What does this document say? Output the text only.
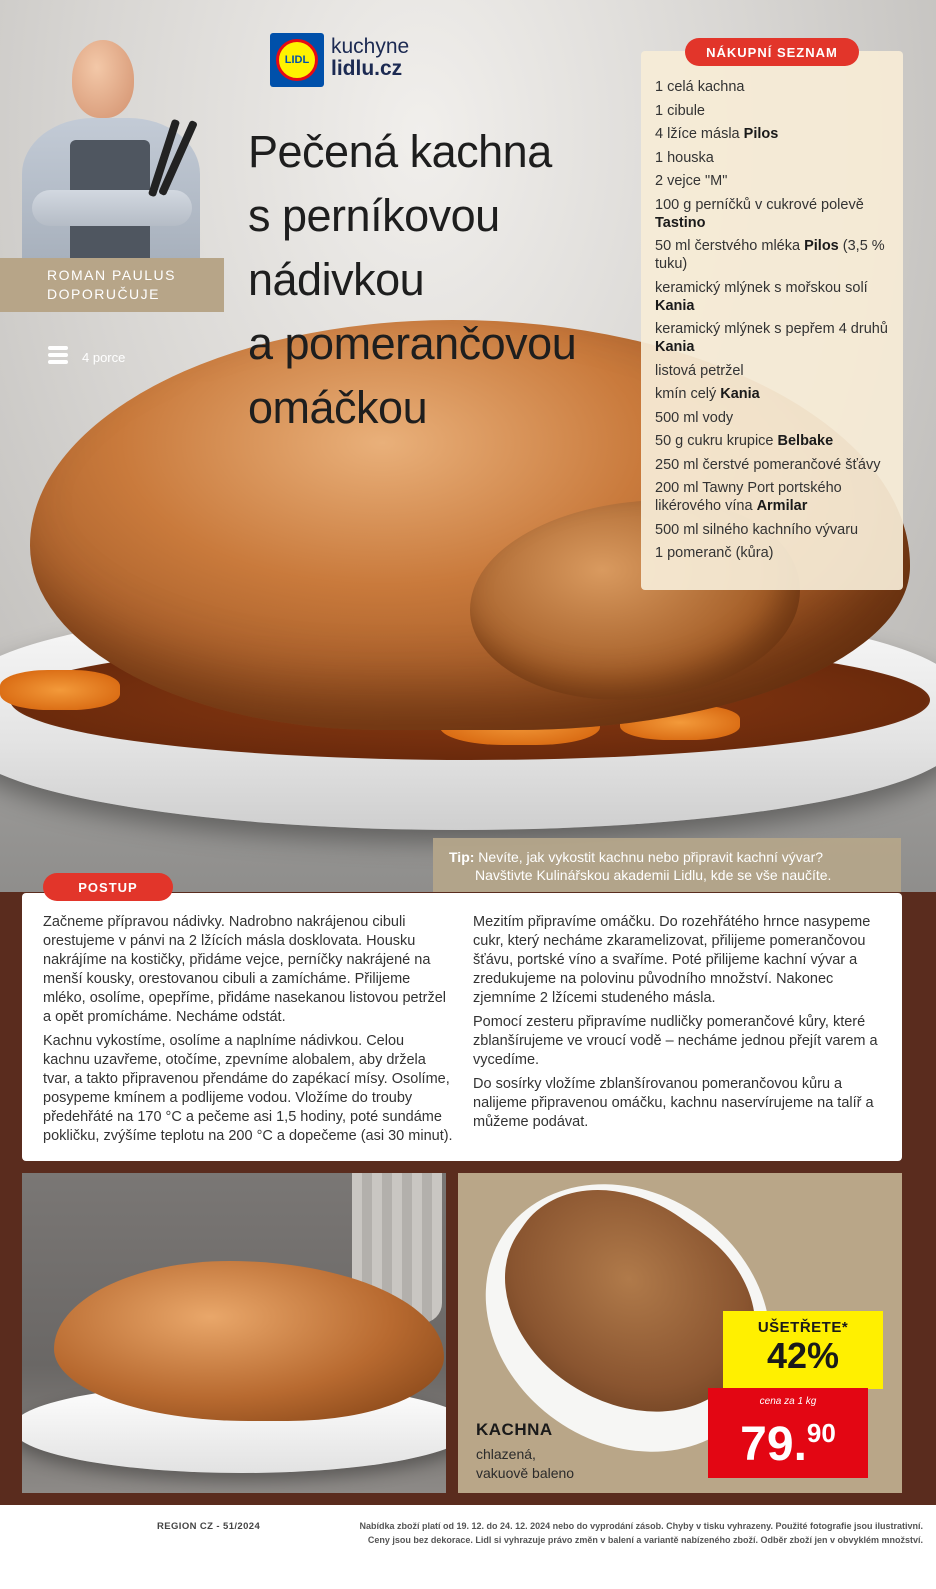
LIDL
kuchyne
lidlu.cz
ROMAN PAULUS
DOPORUČUJE
4 porce
Pečená kachna
s perníkovou
nádivkou
a pomerančovou
omáčkou
1 celá kachna
1 cibule
4 lžíce másla Pilos
1 houska
2 vejce "M"
100 g perníčků v cukrové polevě Tastino
50 ml čerstvého mléka Pilos (3,5 % tuku)
keramický mlýnek s mořskou solí Kania
keramický mlýnek s pepřem 4 druhů Kania
listová petržel
kmín celý Kania
500 ml vody
50 g cukru krupice Belbake
250 ml čerstvé pomerančové šťávy
200 ml Tawny Port portského likérového vína Armilar
500 ml silného kachního vývaru
1 pomeranč (kůra)
NÁKUPNÍ SEZNAM
Tip: Nevíte, jak vykostit kachnu nebo připravit kachní vývar?
Navštivte Kulinářskou akademii Lidlu, kde se vše naučíte.
POSTUP

Začneme přípravou nádivky. Nadrobno nakrájenou cibuli orestujeme v pánvi na 2 lžících másla dosklovata. Housku nakrájíme na kostičky, přidáme vejce, perníčky nakrájené na menší kousky, orestovanou cibuli a zamícháme. Přilijeme mléko, osolíme, opepříme, přidáme nasekanou listovou petržel a opět promícháme. Necháme odstát.

Kachnu vykostíme, osolíme a naplníme nádivkou. Celou kachnu uzavřeme, otočíme, zpevníme alobalem, aby držela tvar, a takto připravenou přendáme do zapékací mísy. Osolíme, posypeme kmínem a podlijeme vodou. Vložíme do trouby předehřáté na 170 °C a pečeme asi 1,5 hodiny, poté sundáme pokličku, zvýšíme teplotu na 200 °C a dopečeme (asi 30 minut).

Mezitím připravíme omáčku. Do rozehřátého hrnce nasypeme cukr, který necháme zkaramelizovat, přilijeme pomerančovou šťávu, portské víno a svaříme. Poté přilijeme kachní vývar a zredukujeme na polovinu původního množství. Nakonec zjemníme 2 lžícemi studeného másla.

Pomocí zesteru připravíme nudličky pomerančové kůry, které zblanšírujeme ve vroucí vodě – necháme jednou přejít varem a vycedíme.

Do sosírky vložíme zblanšírovanou pomerančovou kůru a nalijeme připravenou omáčku, kachnu naservírujeme na talíř a můžeme podávat.

KACHNA
chlazená,
vakuově baleno
UŠETŘETE*
42%
cena za 1 kg
79.90
REGION CZ - 51/2024	Nabídka zboží platí od 19. 12. do 24. 12. 2024 nebo do vyprodání zásob. Chyby v tisku vyhrazeny. Použité fotografie jsou ilustrativní.
Ceny jsou bez dekorace. Lidl si vyhrazuje právo změn v balení a variantě nabízeného zboží. Odběr zboží jen v obvyklém množství.
